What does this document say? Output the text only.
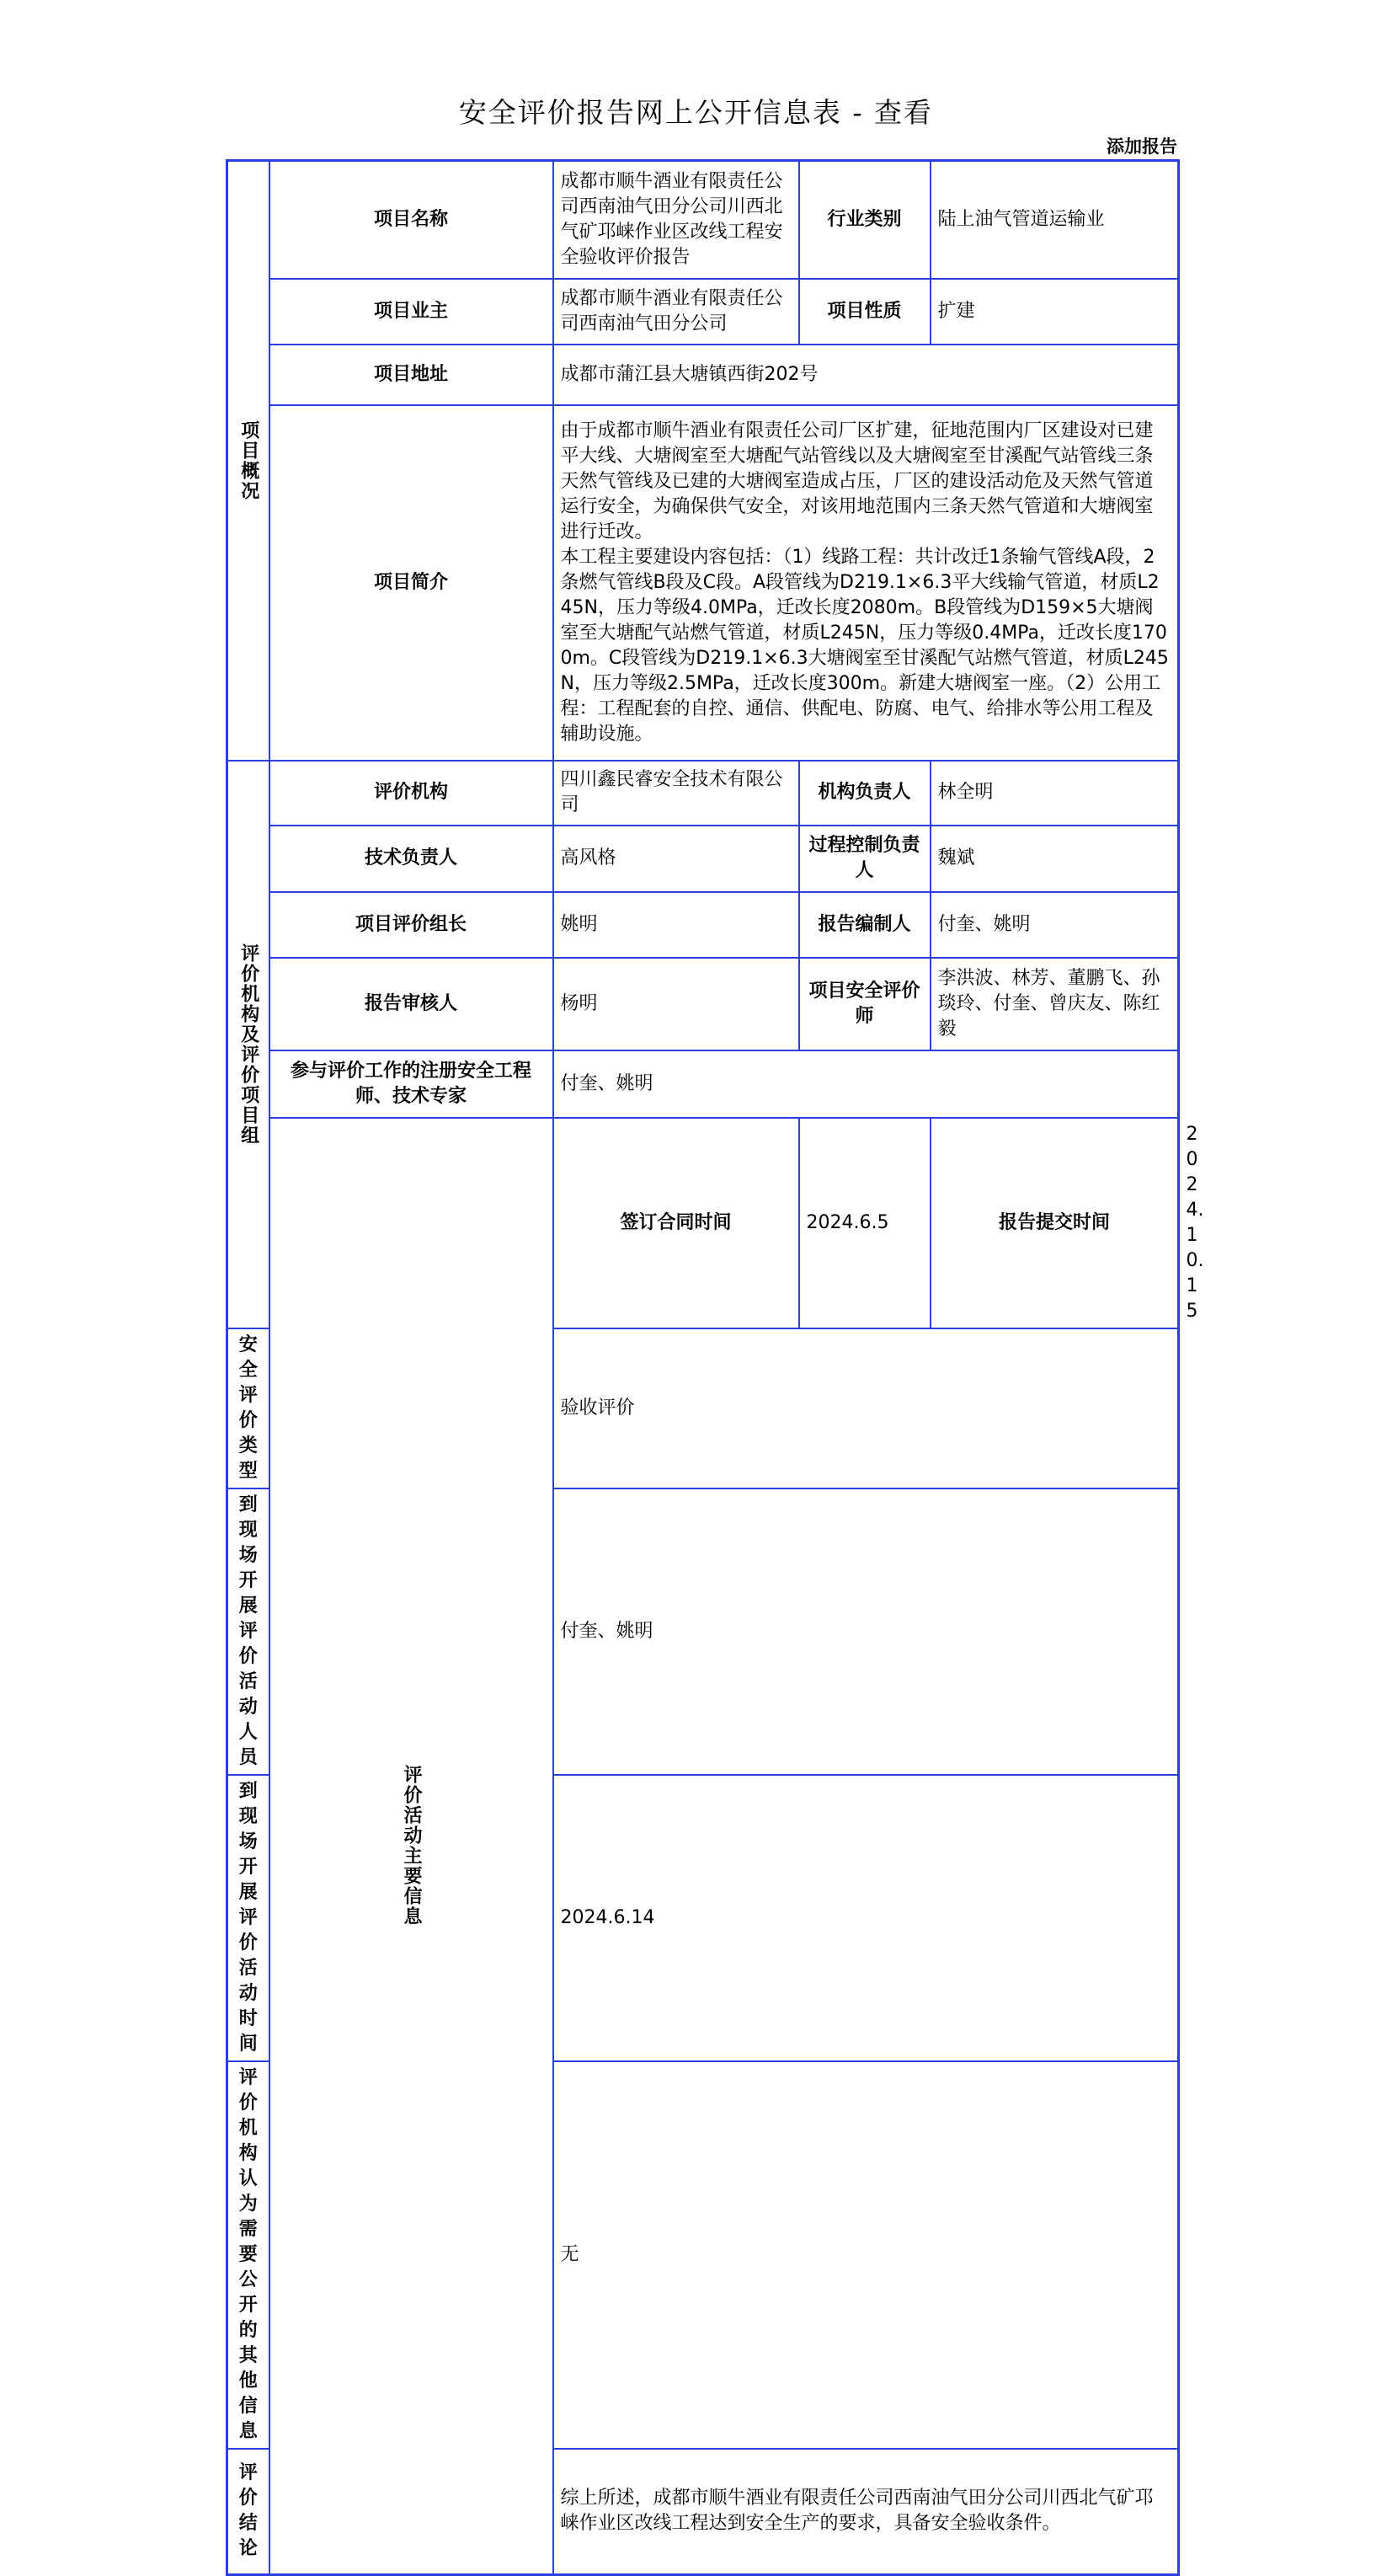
安全评价报告网上公开信息表 - 查看
添加报告
项目概况	项目名称	成都市顺牛酒业有限责任公司西南油气田分公司川西北气矿邛崃作业区改线工程安全验收评价报告	行业类别	陆上油气管道运输业	
	项目业主	成都市顺牛酒业有限责任公司西南油气田分公司	项目性质	扩建	
	项目地址	成都市蒲江县大塘镇西街202号			
	项目简介	由于成都市顺牛酒业有限责任公司厂区扩建，征地范围内厂区建设对已建平大线、大塘阀室至大塘配气站管线以及大塘阀室至甘溪配气站管线三条天然气管线及已建的大塘阀室造成占压，厂区的建设活动危及天然气管道运行安全，为确保供气安全，对该用地范围内三条天然气管道和大塘阀室进行迁改。
本工程主要建设内容包括：（1）线路工程：共计改迁1条输气管线A段，2条燃气管线B段及C段。A段管线为D219.1×6.3平大线输气管道，材质L245N，压力等级4.0MPa，迁改长度2080m。B段管线为D159×5大塘阀室至大塘配气站燃气管道，材质L245N，压力等级0.4MPa，迁改长度1700m。C段管线为D219.1×6.3大塘阀室至甘溪配气站燃气管道，材质L245N，压力等级2.5MPa，迁改长度300m。新建大塘阀室一座。（2）公用工程：工程配套的自控、通信、供配电、防腐、电气、给排水等公用工程及辅助设施。			

评价机构及评价项目组	评价机构	四川鑫民睿安全技术有限公司	机构负责人	林全明	
	技术负责人	高风格	过程控制负责人	魏斌	
	项目评价组长	姚明	报告编制人	付奎、姚明	
	报告审核人	杨明	项目安全评价师	李洪波、林芳、董鹏飞、孙琰玲、付奎、曾庆友、陈红毅	
	参与评价工作的注册安全工程师、技术专家	付奎、姚明			
	评价活动主要信息	签订合同时间	2024.6.5	报告提交时间	2024.10.15
安全评价类型		验收评价			
到现场开展评价活动人员		付奎、姚明			
到现场开展评价活动时间		2024.6.14			
评价机构认为需要公开的其他信息		无			
评价结论		综上所述，成都市顺牛酒业有限责任公司西南油气田分公司川西北气矿邛崃作业区改线工程达到安全生产的要求，具备安全验收条件。			
